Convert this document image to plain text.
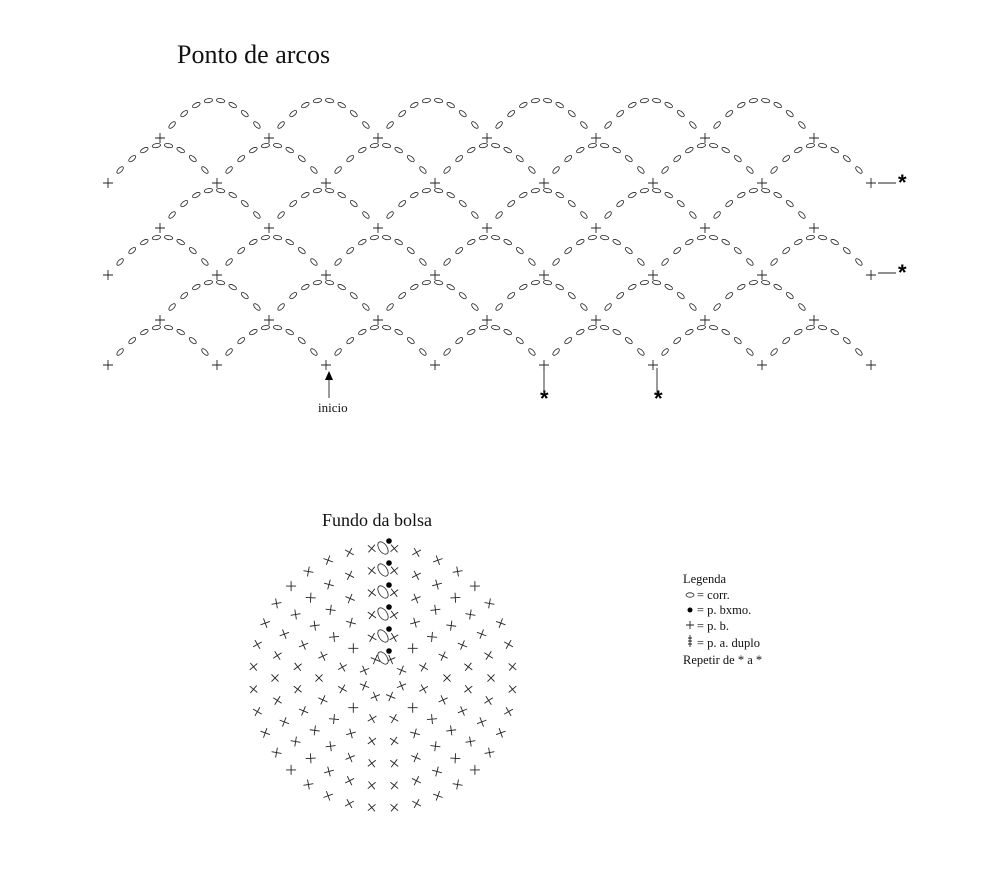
Ponto de arcos
*	*
*
*
inicio
Fundo da bolsa
Legenda
= corr.
= p. bxmo.
= p. b.
= p. a. duplo
Repetir de * a *
